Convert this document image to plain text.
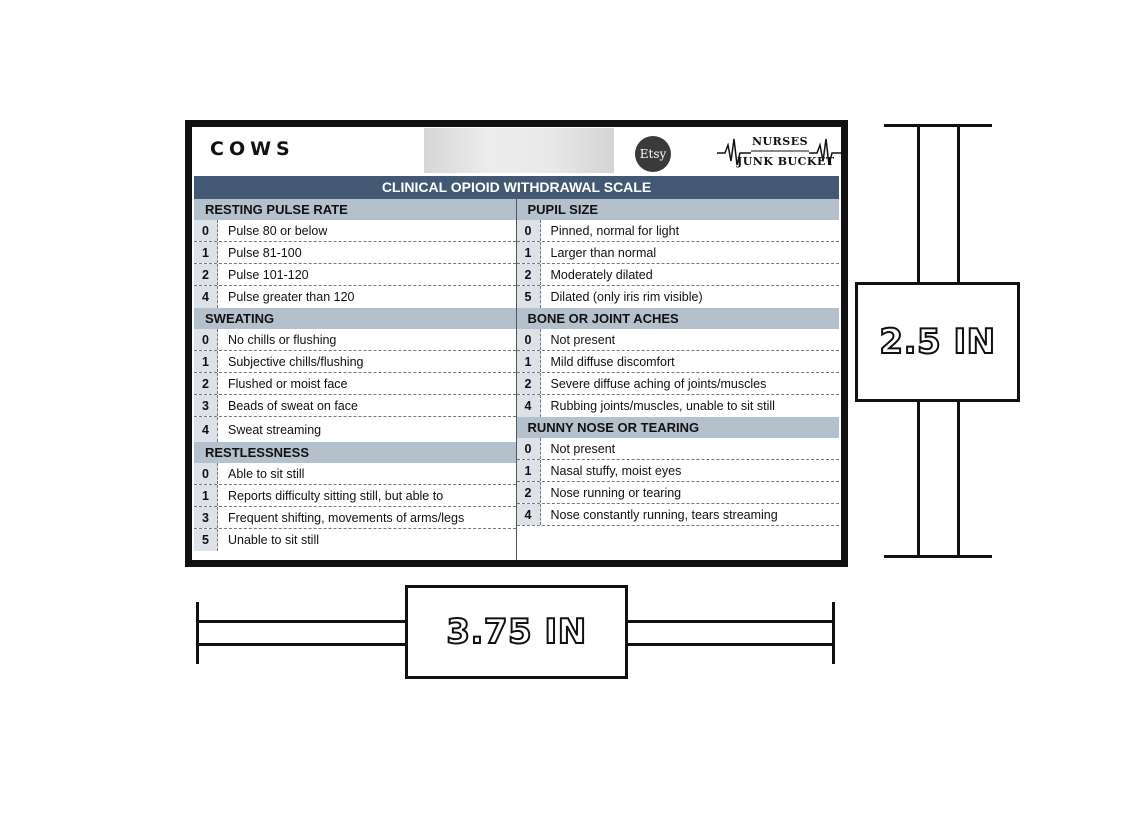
COWS	Etsy
NURSES
JUNK BUCKET
CLINICAL OPIOID WITHDRAWAL SCALE
RESTING PULSE RATE
0	Pulse 80 or below
1	Pulse 81-100
2	Pulse 101-120
4	Pulse greater than 120
SWEATING
0	No chills or flushing
1	Subjective chills/flushing
2	Flushed or moist face
3	Beads of sweat on face
4	Sweat streaming
RESTLESSNESS
0	Able to sit still
1	Reports difficulty sitting still, but able to
3	Frequent shifting, movements of arms/legs
5	Unable to sit still
PUPIL SIZE
0	Pinned, normal for light
1	Larger than normal
2	Moderately dilated
5	Dilated (only iris rim visible)
BONE OR JOINT ACHES
0	Not present
1	Mild diffuse discomfort
2	Severe diffuse aching of joints/muscles
4	Rubbing joints/muscles, unable to sit still
RUNNY NOSE OR TEARING
0	Not present
1	Nasal stuffy, moist eyes
2	Nose running or tearing
4	Nose constantly running, tears streaming
3.75 IN
2.5 IN
